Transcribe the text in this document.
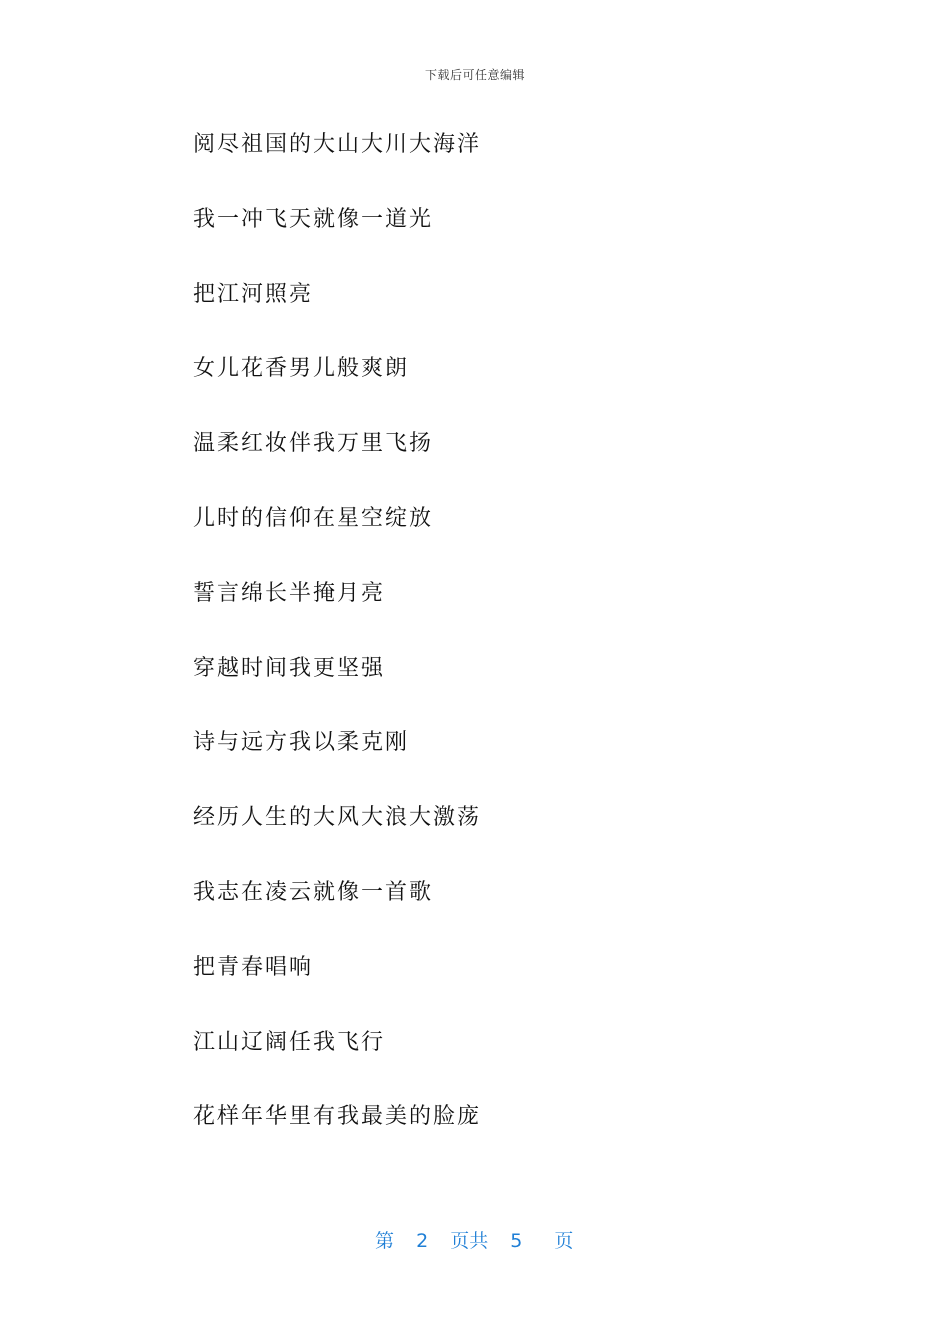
下载后可任意编辑
阅尽祖国的大山大川大海洋
我一冲飞天就像一道光
把江河照亮
女儿花香男儿般爽朗
温柔红妆伴我万里飞扬
儿时的信仰在星空绽放
誓言绵长半掩月亮
穿越时间我更坚强
诗与远方我以柔克刚
经历人生的大风大浪大激荡
我志在凌云就像一首歌
把青春唱响
江山辽阔任我飞行
花样年华里有我最美的脸庞
第 2 页共 5 页
